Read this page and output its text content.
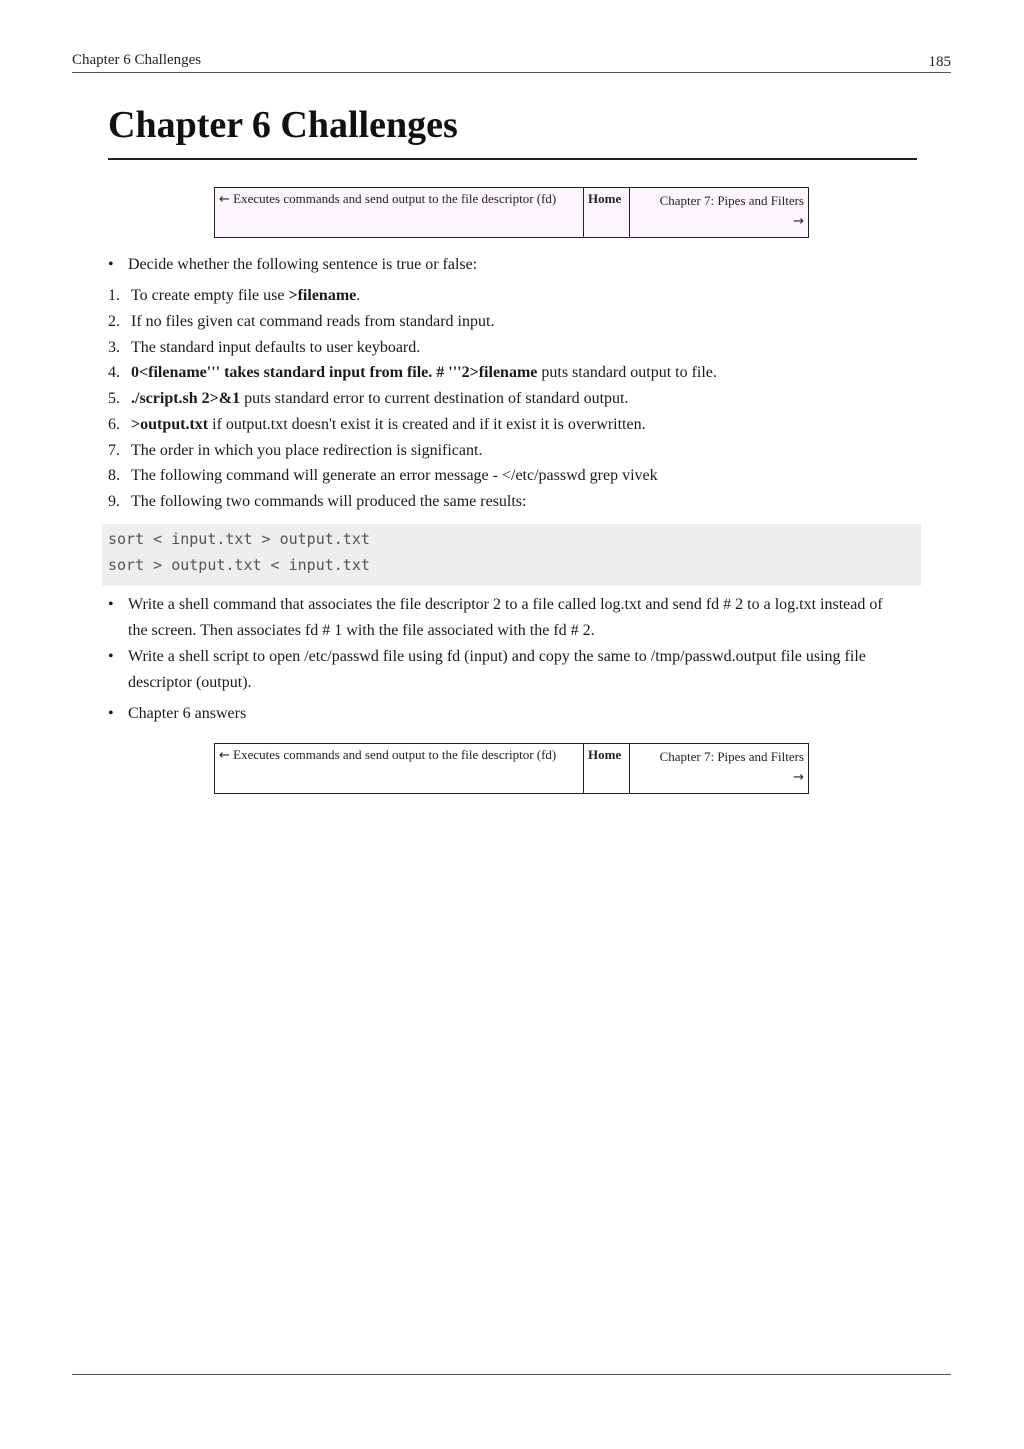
Chapter 6 Challenges	185
Chapter 6 Challenges
← Executes commands and send output to the file descriptor (fd)	Home	Chapter 7: Pipes and Filters
→
• Decide whether the following sentence is true or false:
1. To create empty file use >filename.
2. If no files given cat command reads from standard input.
3. The standard input defaults to user keyboard.
4. 0<filename''' takes standard input from file. # '''2>filename puts standard output to file.
5. ./script.sh 2>&1 puts standard error to current destination of standard output.
6. >output.txt if output.txt doesn't exist it is created and if it exist it is overwritten.
7. The order in which you place redirection is significant.
8. The following command will generate an error message - </etc/passwd grep vivek
9. The following two commands will produced the same results:
sort < input.txt > output.txt
sort > output.txt < input.txt
• Write a shell command that associates the file descriptor 2 to a file called log.txt and send fd # 2 to a log.txt instead of the screen. Then associates fd # 1 with the file associated with the fd # 2.
• Write a shell script to open /etc/passwd file using fd (input) and copy the same to /tmp/passwd.output file using file descriptor (output).
• Chapter 6 answers
← Executes commands and send output to the file descriptor (fd)	Home	Chapter 7: Pipes and Filters
→
